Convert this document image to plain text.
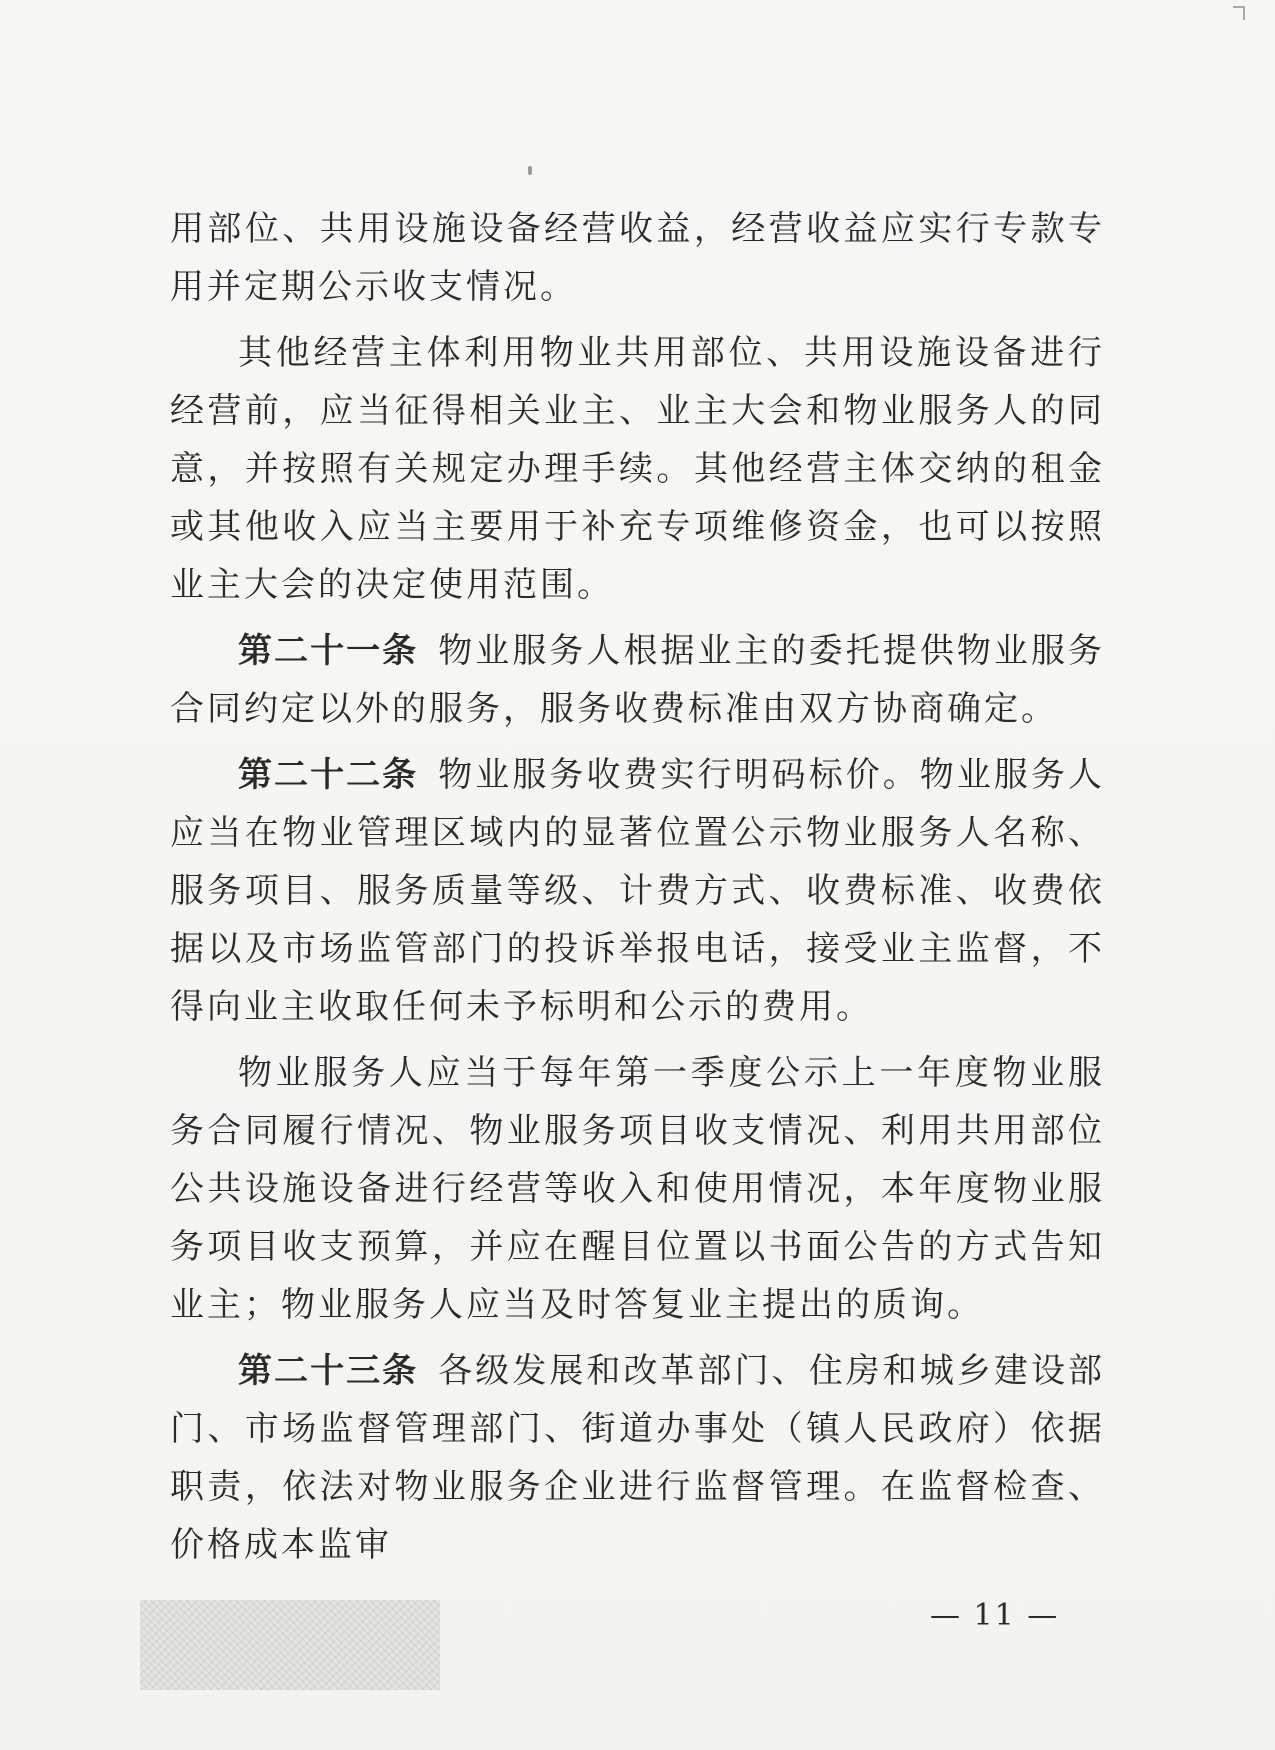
用部位、共用设施设备经营收益，经营收益应实行专款专用并定期公示收支情况。

其他经营主体利用物业共用部位、共用设施设备进行经营前，应当征得相关业主、业主大会和物业服务人的同意，并按照有关规定办理手续。其他经营主体交纳的租金或其他收入应当主要用于补充专项维修资金，也可以按照业主大会的决定使用范围。

第二十一条 物业服务人根据业主的委托提供物业服务合同约定以外的服务，服务收费标准由双方协商确定。

第二十二条 物业服务收费实行明码标价。物业服务人应当在物业管理区域内的显著位置公示物业服务人名称、服务项目、服务质量等级、计费方式、收费标准、收费依据以及市场监管部门的投诉举报电话，接受业主监督，不得向业主收取任何未予标明和公示的费用。

物业服务人应当于每年第一季度公示上一年度物业服务合同履行情况、物业服务项目收支情况、利用共用部位公共设施设备进行经营等收入和使用情况，本年度物业服务项目收支预算，并应在醒目位置以书面公告的方式告知业主；物业服务人应当及时答复业主提出的质询。

第二十三条 各级发展和改革部门、住房和城乡建设部门、市场监督管理部门、街道办事处（镇人民政府）依据职责，依法对物业服务企业进行监督管理。在监督检查、价格成本监审

— 11 —
